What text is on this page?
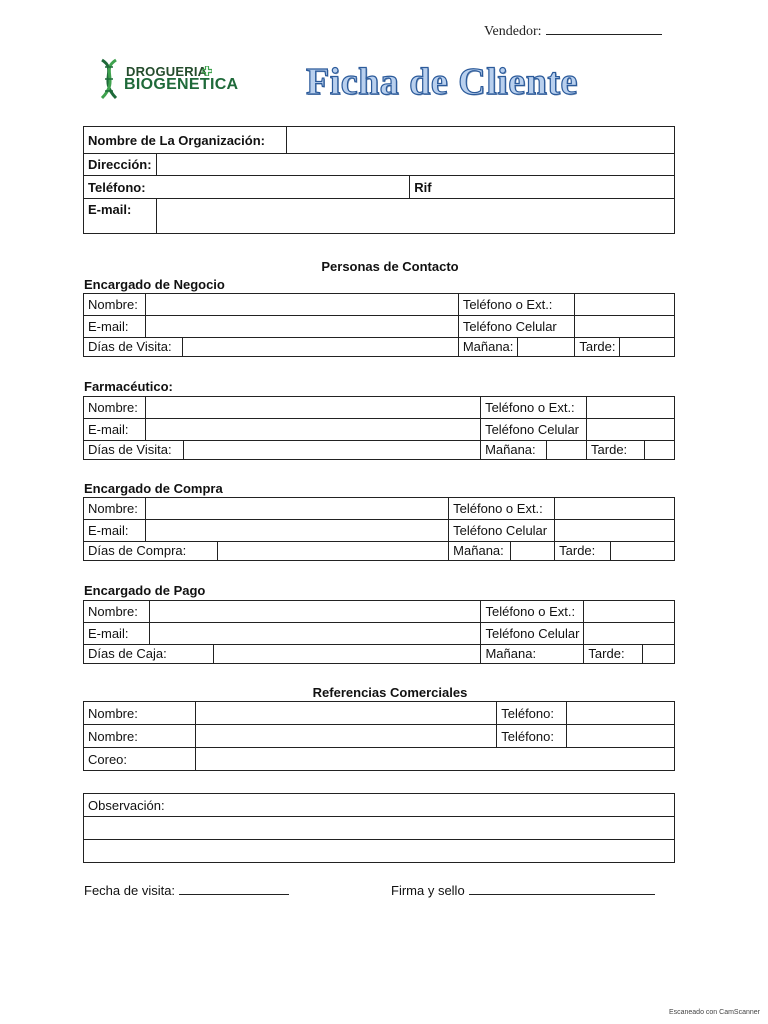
Vendedor:
DROGUERIA
BIOGENETICA Ficha de Cliente
Nombre de La Organización:			
Dirección:			
Teléfono:			Rif
E-mail:			
Personas de Contacto
Encargado de Negocio
Nombre:			Teléfono o Ext.:			
E-mail:			Teléfono Celular			
Días de Visita:			Mañana:		Tarde:	
Farmacéutico:
Nombre:			Teléfono o Ext.:			
E-mail:			Teléfono Celular			
Días de Visita:			Mañana:		Tarde:	
Encargado de Compra
Nombre:			Teléfono o Ext.:			
E-mail:			Teléfono Celular			
Días de Compra:			Mañana:		Tarde:	
Encargado de Pago
Nombre:			Teléfono o Ext.:		
E-mail:			Teléfono Celular		
Días de Caja:			Mañana:	Tarde:	
Referencias Comerciales
Nombre:		Teléfono:	
Nombre:		Teléfono:	
Coreo:			
Observación:

Fecha de visita:	Firma y sello
Escaneado con CamScanner
